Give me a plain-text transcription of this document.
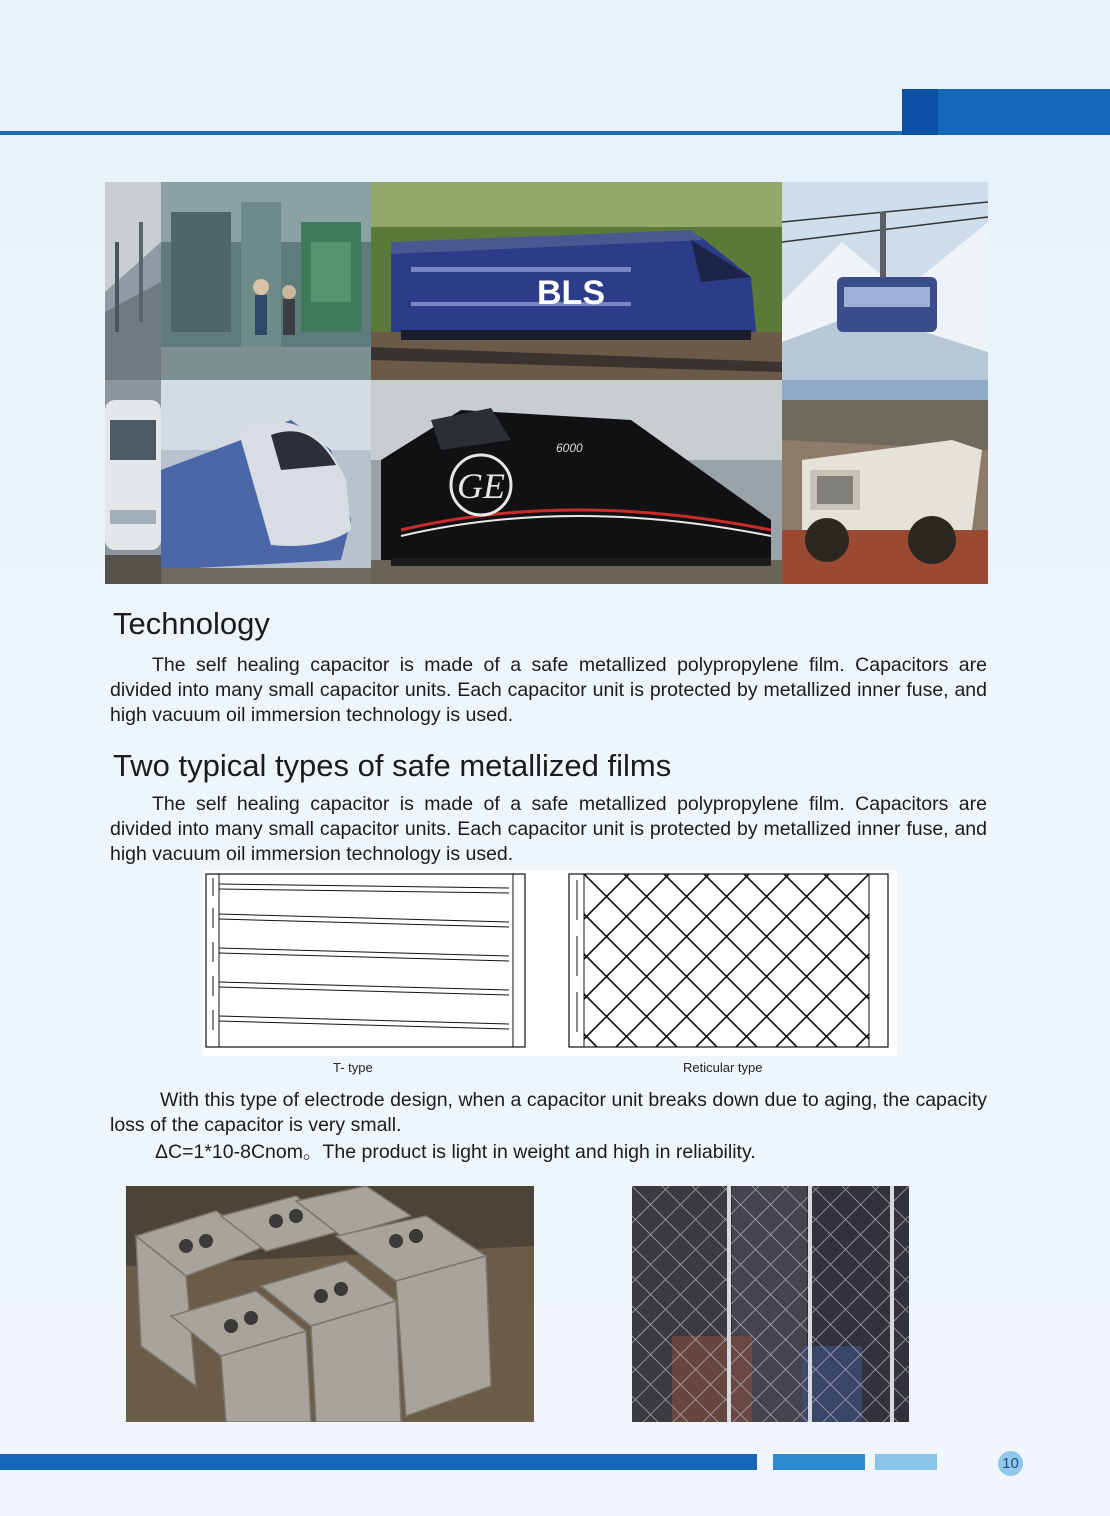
BLS
GE
6000
Technology

The self healing capacitor is made of a safe metallized polypropylene film. Capacitors are divided into many small capacitor units. Each capacitor unit is protected by metallized inner fuse, and high vacuum oil immersion technology is used.

Two typical types of safe metallized films

The self healing capacitor is made of a safe metallized polypropylene film. Capacitors are divided into many small capacitor units. Each capacitor unit is protected by metallized inner fuse, and high vacuum oil immersion technology is used.

T- type	Reticular type

With this type of electrode design, when a capacitor unit breaks down due to aging, the capacity loss of the capacitor is very small.

ΔC=1*10-8Cnom。The product is light in weight and high in reliability.

10
